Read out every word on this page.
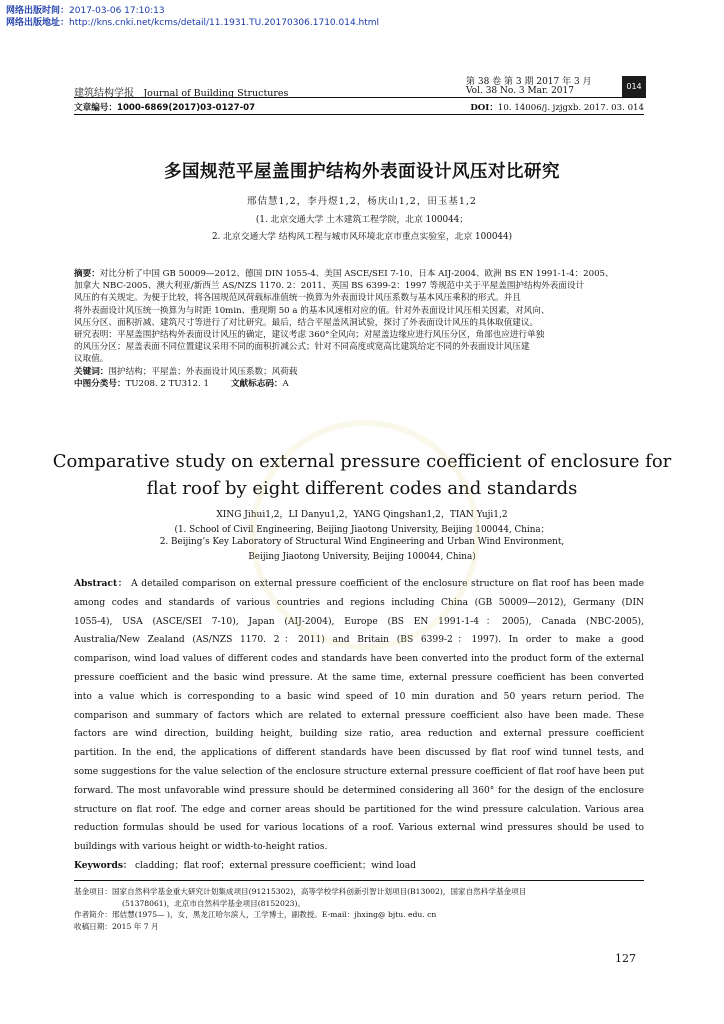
网络出版时间：2017-03-06 17:10:13
网络出版地址：http://kns.cnki.net/kcms/detail/11.1931.TU.20170306.1710.014.html
建筑结构学报 Journal of Building Structures
第 38 卷 第 3 期 2017 年 3 月
Vol. 38 No. 3 Mar. 2017	014
文章编号：1000-6869(2017)03-0127-07	DOI：10. 14006/j. jzjgxb. 2017. 03. 014
多国规范平屋盖围护结构外表面设计风压对比研究
邢佶慧1,2，李丹煜1,2，杨庆山1,2，田玉基1,2
(1. 北京交通大学 土木建筑工程学院，北京 100044；
2. 北京交通大学 结构风工程与城市风环境北京市重点实验室，北京 100044)
摘要：对比分析了中国 GB 50009—2012、德国 DIN 1055-4、美国 ASCE/SEI 7-10、日本 AIJ-2004、欧洲 BS EN 1991-1-4：2005、
加拿大 NBC-2005、澳大利亚/新西兰 AS/NZS 1170. 2：2011、英国 BS 6399-2：1997 等规范中关于平屋盖围护结构外表面设计
风压的有关规定。为便于比较，将各国规范风荷载标准值统一换算为外表面设计风压系数与基本风压乘积的形式。并且
将外表面设计风压统一换算为与时距 10min、重现期 50 a 的基本风速相对应的值。针对外表面设计风压相关因素，对风向、
风压分区、面积折减、建筑尺寸等进行了对比研究。最后，结合平屋盖风洞试验，探讨了外表面设计风压的具体取值建议。
研究表明：平屋盖围护结构外表面设计风压的确定，建议考虑 360°全风向；对屋盖边缘应进行风压分区，角部也应进行单独
的风压分区；屋盖表面不同位置建议采用不同的面积折减公式；针对不同高度或宽高比建筑给定不同的外表面设计风压建
议取值。
关键词：围护结构；平屋盖；外表面设计风压系数；风荷载
中图分类号：TU208. 2 TU312. 1	文献标志码：A
Comparative study on external pressure coefficient of enclosure for
flat roof by eight different codes and standards
XING Jihui1,2，LI Danyu1,2，YANG Qingshan1,2，TIAN Yuji1,2
(1. School of Civil Engineering, Beijing Jiaotong University, Beijing 100044, China；
2. Beijing’s Key Laboratory of Structural Wind Engineering and Urban Wind Environment,
Beijing Jiaotong University, Beijing 100044, China)
Abstract： A detailed comparison on external pressure coefficient of the enclosure structure on flat roof has been made
among codes and standards of various countries and regions including China (GB 50009—2012), Germany (DIN
1055-4), USA (ASCE/SEI 7-10), Japan (AIJ-2004), Europe (BS EN 1991-1-4：2005), Canada (NBC-2005),
Australia/New Zealand (AS/NZS 1170. 2：2011) and Britain (BS 6399-2：1997). In order to make a good
comparison, wind load values of different codes and standards have been converted into the product form of the external
pressure coefficient and the basic wind pressure. At the same time, external pressure coefficient has been converted
into a value which is corresponding to a basic wind speed of 10 min duration and 50 years return period. The
comparison and summary of factors which are related to external pressure coefficient also have been made. These
factors are wind direction, building height, building size ratio, area reduction and external pressure coefficient
partition. In the end, the applications of different standards have been discussed by flat roof wind tunnel tests, and
some suggestions for the value selection of the enclosure structure external pressure coefficient of flat roof have been put
forward. The most unfavorable wind pressure should be determined considering all 360° for the design of the enclosure
structure on flat roof. The edge and corner areas should be partitioned for the wind pressure calculation. Various area
reduction formulas should be used for various locations of a roof. Various external wind pressures should be used to
buildings with various height or width-to-height ratios.
Keywords： cladding；flat roof；external pressure coefficient；wind load
基金项目：国家自然科学基金重大研究计划集成项目(91215302)，高等学校学科创新引智计划项目(B13002)，国家自然科学基金项目
(51378061)，北京市自然科学基金项目(8152023)。
作者简介：邢佶慧(1975— )，女，黑龙江哈尔滨人，工学博士，副教授。E-mail：jhxing@ bjtu. edu. cn
收稿日期：2015 年 7 月
127
